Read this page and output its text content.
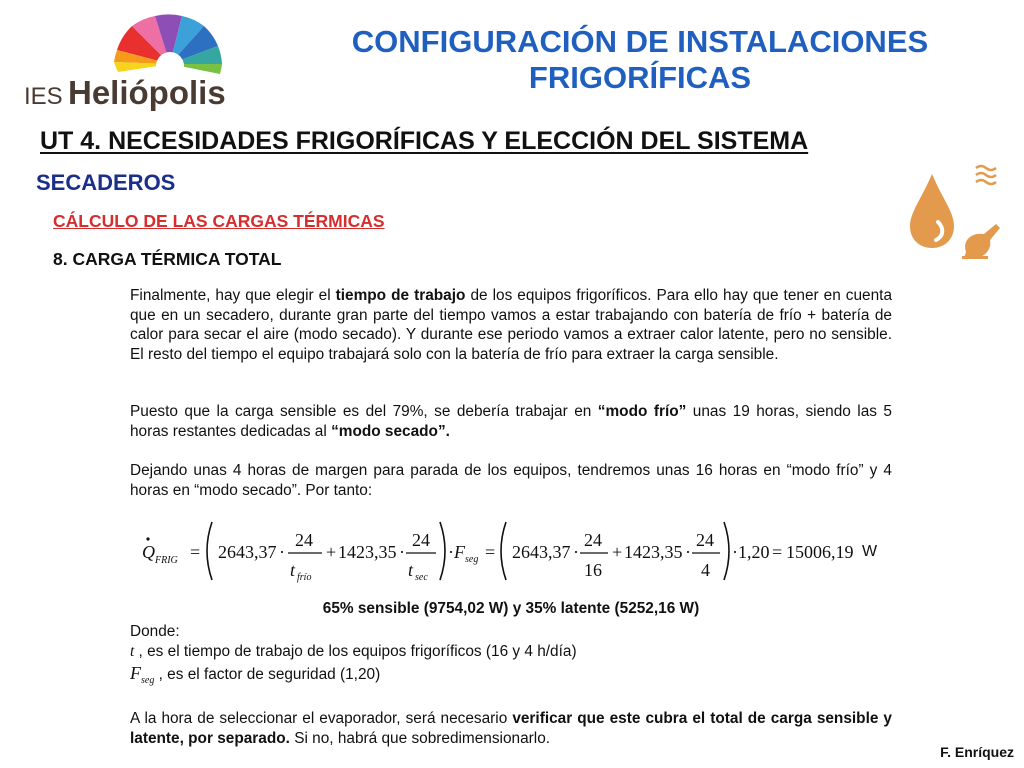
IES Heliópolis
CONFIGURACIÓN DE INSTALACIONES
FRIGORÍFICAS
UT 4. NECESIDADES FRIGORÍFICAS Y ELECCIÓN DEL SISTEMA
SECADEROS
CÁLCULO DE LAS CARGAS TÉRMICAS
8. CARGA TÉRMICA TOTAL
Finalmente, hay que elegir el tiempo de trabajo de los equipos frigoríficos. Para ello hay que tener en cuenta que en un secadero, durante gran parte del tiempo vamos a estar trabajando con batería de frío + batería de calor para secar el aire (modo secado). Y durante ese periodo vamos a extraer calor latente, pero no sensible. El resto del tiempo el equipo trabajará solo con la batería de frío para extraer la carga sensible.
Puesto que la carga sensible es del 79%, se debería trabajar en “modo frío” unas 19 horas, siendo las 5 horas restantes dedicadas al “modo secado”.
Dejando unas 4 horas de margen para parada de los equipos, tendremos unas 16 horas en “modo frío” y 4 horas en “modo secado”. Por tanto:
Q FRIG = 2643,37 ·
24
t frío
+ 1423,35 ·
24
t sec
· F seg = 2643,37 ·
24
16
+ 1423,35 ·
24
4
· 1,20 = 15006,19 W
65% sensible (9754,02 W) y 35% latente (5252,16 W)
Donde:
t , es el tiempo de trabajo de los equipos frigoríficos (16 y 4 h/día)
$F_{seg}$ , es el factor de seguridad (1,20)
A la hora de seleccionar el evaporador, será necesario verificar que este cubra el total de carga sensible y latente, por separado. Si no, habrá que sobredimensionarlo.
F. Enríquez
